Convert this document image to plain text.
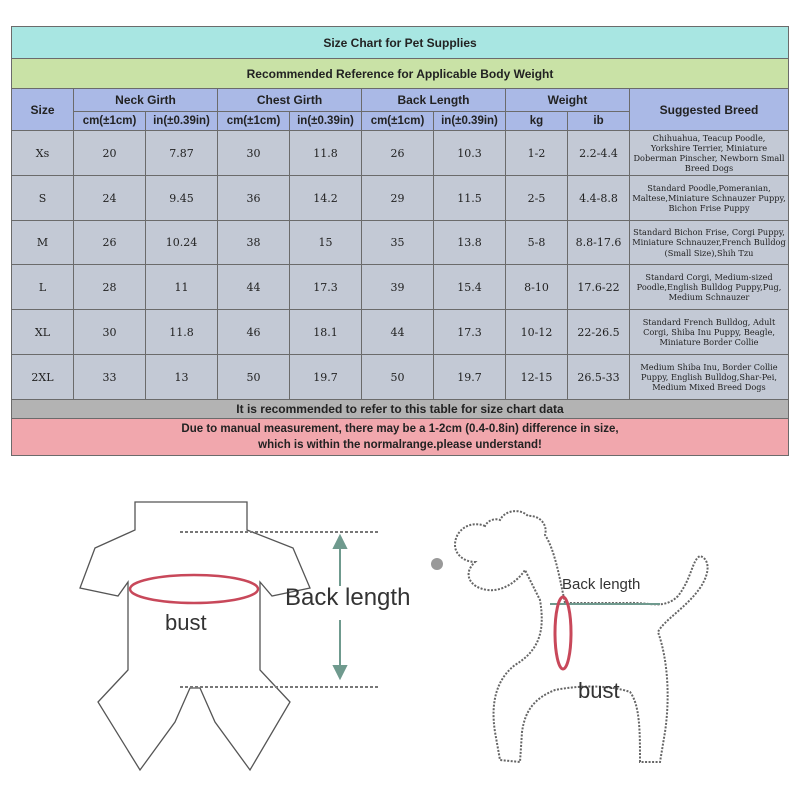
Size Chart for Pet Supplies									
Recommended Reference for Applicable Body Weight									
Size	Neck Girth		Chest Girth		Back Length		Weight		Suggested Breed
	cm(±1cm)	in(±0.39in)	cm(±1cm)	in(±0.39in)	cm(±1cm)	in(±0.39in)	kg	ib	
Xs	20	7.87	30	11.8	26	10.3	1-2	2.2-4.4	Chihuahua, Teacup Poodle, Yorkshire Terrier, Miniature Doberman Pinscher, Newborn Small Breed Dogs
S	24	9.45	36	14.2	29	11.5	2-5	4.4-8.8	Standard Poodle,Pomeranian, Maltese,Miniature Schnauzer Puppy, Bichon Frise Puppy
M	26	10.24	38	15	35	13.8	5-8	8.8-17.6	Standard Bichon Frise, Corgi Puppy, Miniature Schnauzer,French Bulldog (Small Size),Shih Tzu
L	28	11	44	17.3	39	15.4	8-10	17.6-22	Standard Corgi, Medium-sized Poodle,English Bulldog Puppy,Pug, Medium Schnauzer
XL	30	11.8	46	18.1	44	17.3	10-12	22-26.5	Standard French Bulldog, Adult Corgi, Shiba Inu Puppy, Beagle, Miniature Border Collie
2XL	33	13	50	19.7	50	19.7	12-15	26.5-33	Medium Shiba Inu, Border Collie Puppy, English Bulldog,Shar-Pei, Medium Mixed Breed Dogs
It is recommended to refer to this table for size chart data									
Due to manual measurement, there may be a 1-2cm (0.4-0.8in) difference in size,
which is within the normalrange.please understand!									
Back length
bust
Back length
bust
